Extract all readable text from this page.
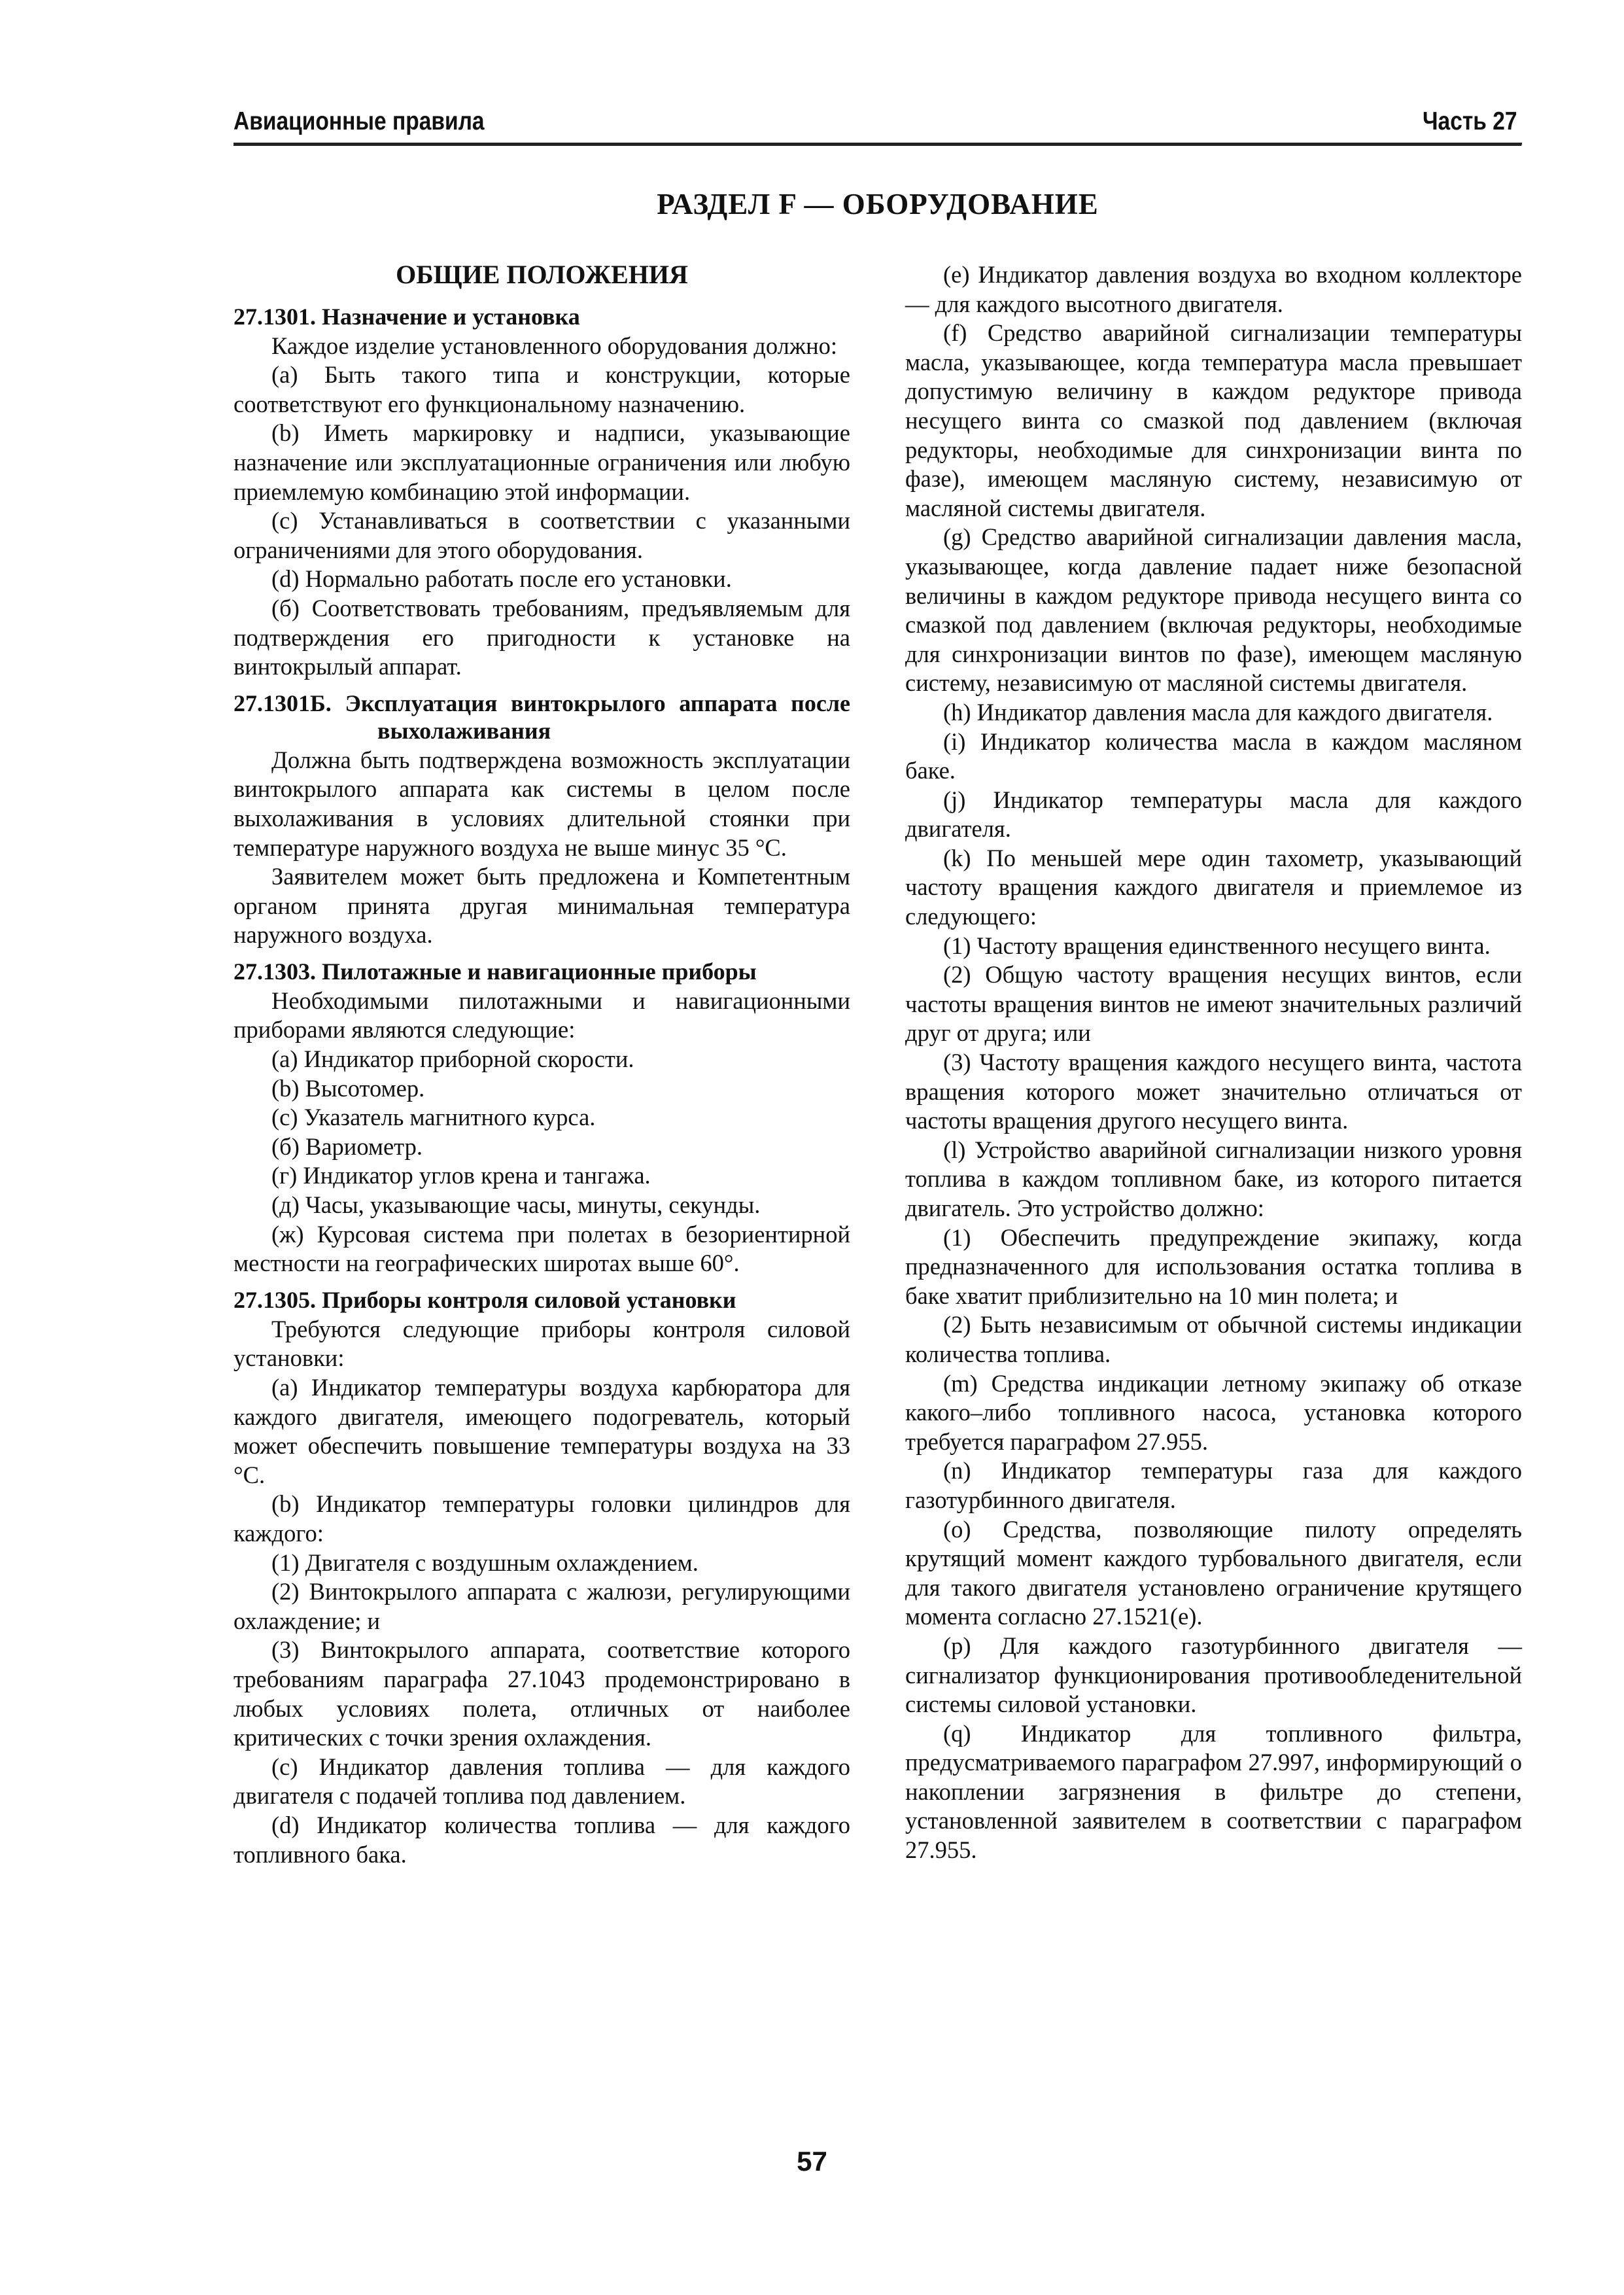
Авиационные правила	Часть 27
РАЗДЕЛ F — ОБОРУДОВАНИЕ

ОБЩИЕ ПОЛОЖЕНИЯ

27.1301. Назначение и установка

Каждое изделие установленного оборудования должно:

(a) Быть такого типа и конструкции, которые соответствуют его функциональному назначению.

(b) Иметь маркировку и надписи, указывающие назначение или эксплуатационные ограничения или любую приемлемую комбинацию этой информации.

(c) Устанавливаться в соответствии с указанными ограничениями для этого оборудования.

(d) Нормально работать после его установки.

(б) Соответствовать требованиям, предъявляемым для подтверждения его пригодности к установке на винтокрылый аппарат.

27.1301Б. Эксплуатация винтокрылого аппарата после выхолаживания

Должна быть подтверждена возможность эксплуатации винтокрылого аппарата как системы в целом после выхолаживания в условиях длительной стоянки при температуре наружного воздуха не выше минус 35 °С.

Заявителем может быть предложена и Компетентным органом принята другая минимальная температура наружного воздуха.

27.1303. Пилотажные и навигационные приборы

Необходимыми пилотажными и навигационными приборами являются следующие:

(a) Индикатор приборной скорости.

(b) Высотомер.

(c) Указатель магнитного курса.

(б) Вариометр.

(г) Индикатор углов крена и тангажа.

(д) Часы, указывающие часы, минуты, секунды.

(ж) Курсовая система при полетах в безориентирной местности на географических широтах выше 60°.

27.1305. Приборы контроля силовой установки

Требуются следующие приборы контроля силовой установки:

(a) Индикатор температуры воздуха карбюратора для каждого двигателя, имеющего подогреватель, который может обеспечить повышение температуры воздуха на 33 °С.

(b) Индикатор температуры головки цилиндров для каждого:

(1) Двигателя с воздушным охлаждением.

(2) Винтокрылого аппарата с жалюзи, регулирующими охлаждение; и

(3) Винтокрылого аппарата, соответствие которого требованиям параграфа 27.1043 продемонстрировано в любых условиях полета, отличных от наиболее критических с точки зрения охлаждения.

(c) Индикатор давления топлива — для каждого двигателя с подачей топлива под давлением.

(d) Индикатор количества топлива — для каждого топливного бака.

(e) Индикатор давления воздуха во входном коллекторе — для каждого высотного двигателя.

(f) Средство аварийной сигнализации температуры масла, указывающее, когда температура масла превышает допустимую величину в каждом редукторе привода несущего винта со смазкой под давлением (включая редукторы, необходимые для синхронизации винта по фазе), имеющем масляную систему, независимую от масляной системы двигателя.

(g) Средство аварийной сигнализации давления масла, указывающее, когда давление падает ниже безопасной величины в каждом редукторе привода несущего винта со смазкой под давлением (включая редукторы, необходимые для синхронизации винтов по фазе), имеющем масляную систему, независимую от масляной системы двигателя.

(h) Индикатор давления масла для каждого двигателя.

(i) Индикатор количества масла в каждом масляном баке.

(j) Индикатор температуры масла для каждого двигателя.

(k) По меньшей мере один тахометр, указывающий частоту вращения каждого двигателя и приемлемое из следующего:

(1) Частоту вращения единственного несущего винта.

(2) Общую частоту вращения несущих винтов, если частоты вращения винтов не имеют значительных различий друг от друга; или

(3) Частоту вращения каждого несущего винта, частота вращения которого может значительно отличаться от частоты вращения другого несущего винта.

(l) Устройство аварийной сигнализации низкого уровня топлива в каждом топливном баке, из которого питается двигатель. Это устройство должно:

(1) Обеспечить предупреждение экипажу, когда предназначенного для использования остатка топлива в баке хватит приблизительно на 10 мин полета; и

(2) Быть независимым от обычной системы индикации количества топлива.

(m) Средства индикации летному экипажу об отказе какого–либо топливного насоса, установка которого требуется параграфом 27.955.

(n) Индикатор температуры газа для каждого газотурбинного двигателя.

(o) Средства, позволяющие пилоту определять крутящий момент каждого турбовального двигателя, если для такого двигателя установлено ограничение крутящего момента согласно 27.1521(e).

(p) Для каждого газотурбинного двигателя — сигнализатор функционирования противообледенительной системы силовой установки.

(q) Индикатор для топливного фильтра, предусматриваемого параграфом 27.997, информирующий о накоплении загрязнения в фильтре до степени, установленной заявителем в соответствии с параграфом 27.955.

57
